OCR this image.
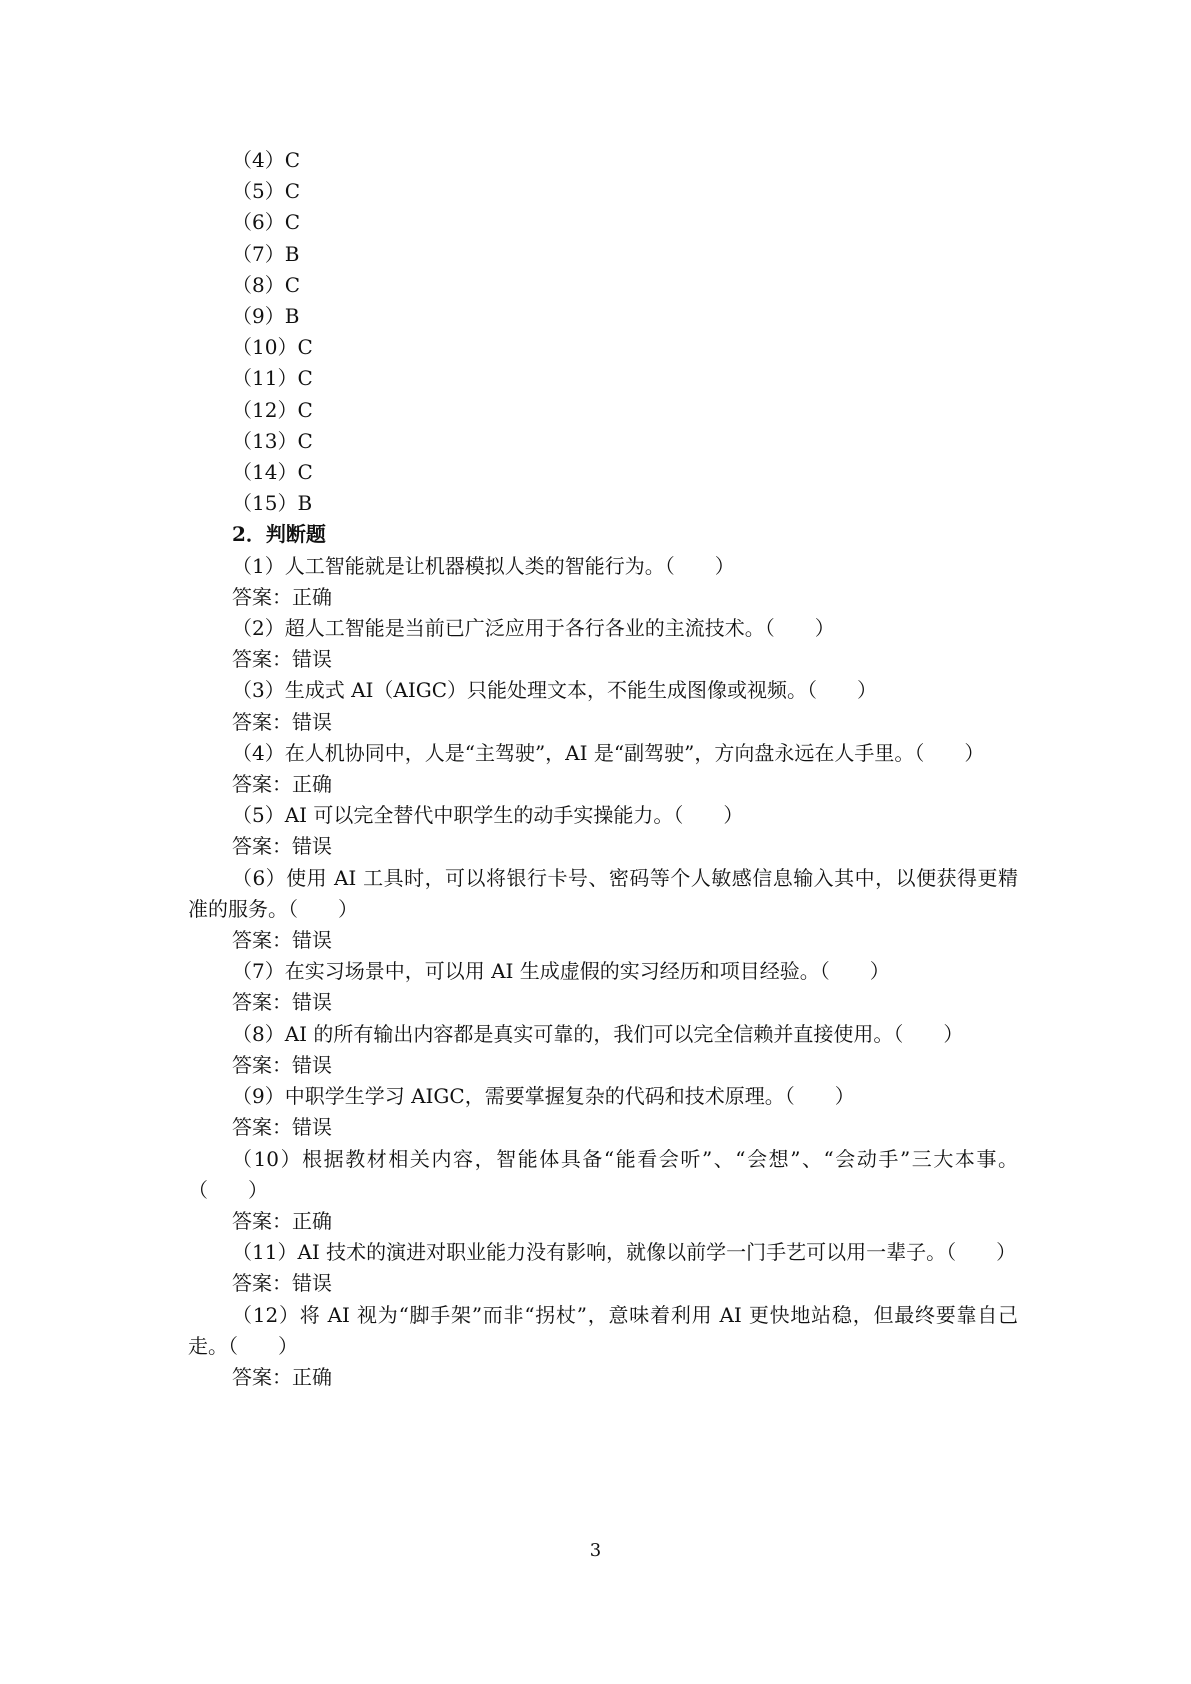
（4）C

（5）C

（6）C

（7）B

（8）C

（9）B

（10）C

（11）C

（12）C

（13）C

（14）C

（15）B

2．判断题

（1）人工智能就是让机器模拟人类的智能行为。（　　）

答案：正确

（2）超人工智能是当前已广泛应用于各行各业的主流技术。（　　）

答案：错误

（3）生成式 AI（AIGC）只能处理文本，不能生成图像或视频。（　　）

答案：错误

（4）在人机协同中，人是“主驾驶”，AI 是“副驾驶”，方向盘永远在人手里。（　　）

答案：正确

（5）AI 可以完全替代中职学生的动手实操能力。（　　）

答案：错误

（6）使用 AI 工具时，可以将银行卡号、密码等个人敏感信息输入其中，以便获得更精准的服务。（　　）

答案：错误

（7）在实习场景中，可以用 AI 生成虚假的实习经历和项目经验。（　　）

答案：错误

（8）AI 的所有输出内容都是真实可靠的，我们可以完全信赖并直接使用。（　　）

答案：错误

（9）中职学生学习 AIGC，需要掌握复杂的代码和技术原理。（　　）

答案：错误

（10）根据教材相关内容，智能体具备“能看会听”、“会想”、“会动手”三大本事。（　　）

答案：正确

（11）AI 技术的演进对职业能力没有影响，就像以前学一门手艺可以用一辈子。（　　）

答案：错误

（12）将 AI 视为“脚手架”而非“拐杖”，意味着利用 AI 更快地站稳，但最终要靠自己走。（　　）

答案：正确

3
